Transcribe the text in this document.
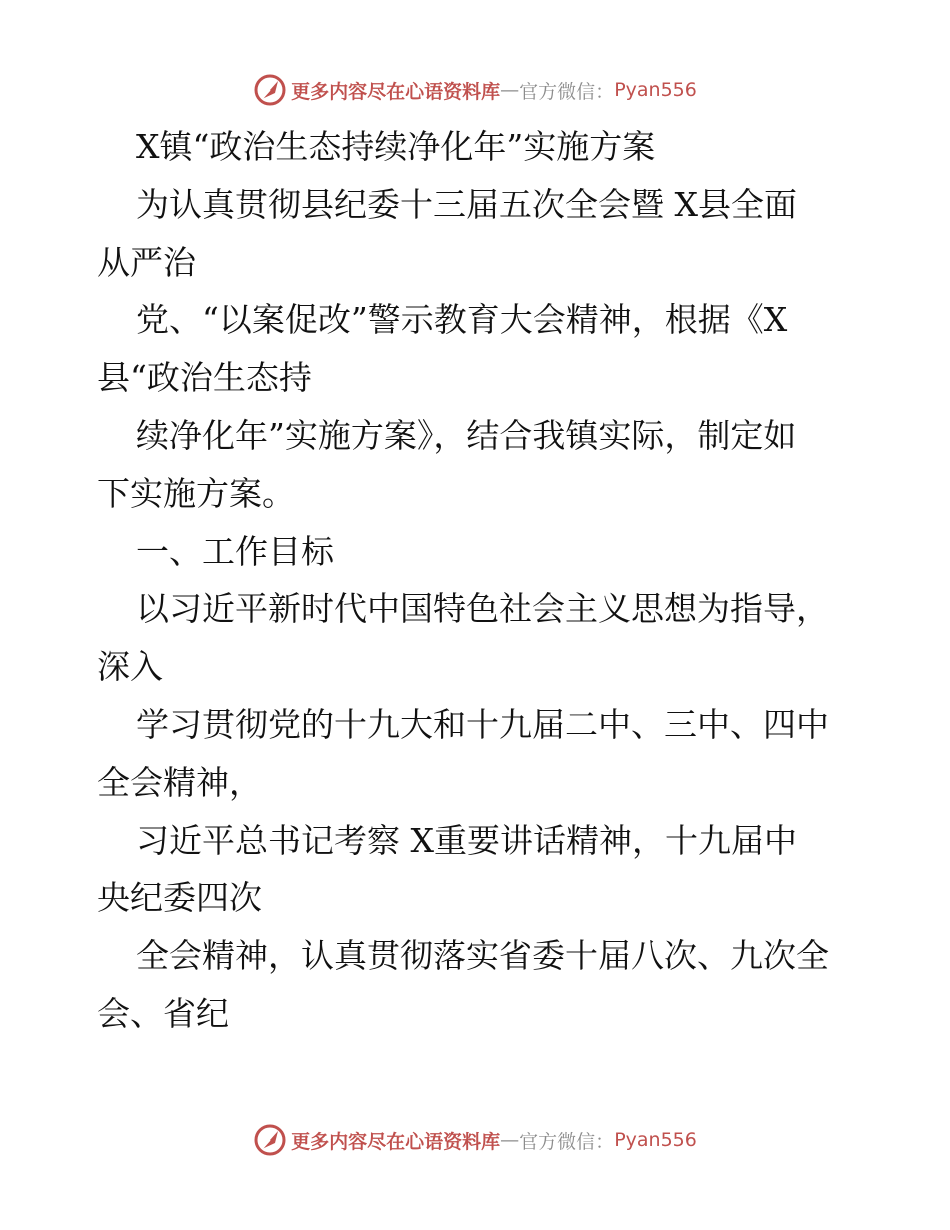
更多内容尽在心语资料库 — 官方微信： Pyan556
X镇“政治生态持续净化年”实施方案
为认真贯彻县纪委十三届五次全会暨 X县全面
从严治
党、“以案促改”警示教育大会精神，根据《X
县“政治生态持
续净化年”实施方案》，结合我镇实际，制定如
下实施方案。
一、工作目标
以习近平新时代中国特色社会主义思想为指导，
深入
学习贯彻党的十九大和十九届二中、三中、四中
全会精神，
习近平总书记考察 X重要讲话精神，十九届中
央纪委四次
全会精神，认真贯彻落实省委十届八次、九次全
会、省纪
更多内容尽在心语资料库 — 官方微信： Pyan556
